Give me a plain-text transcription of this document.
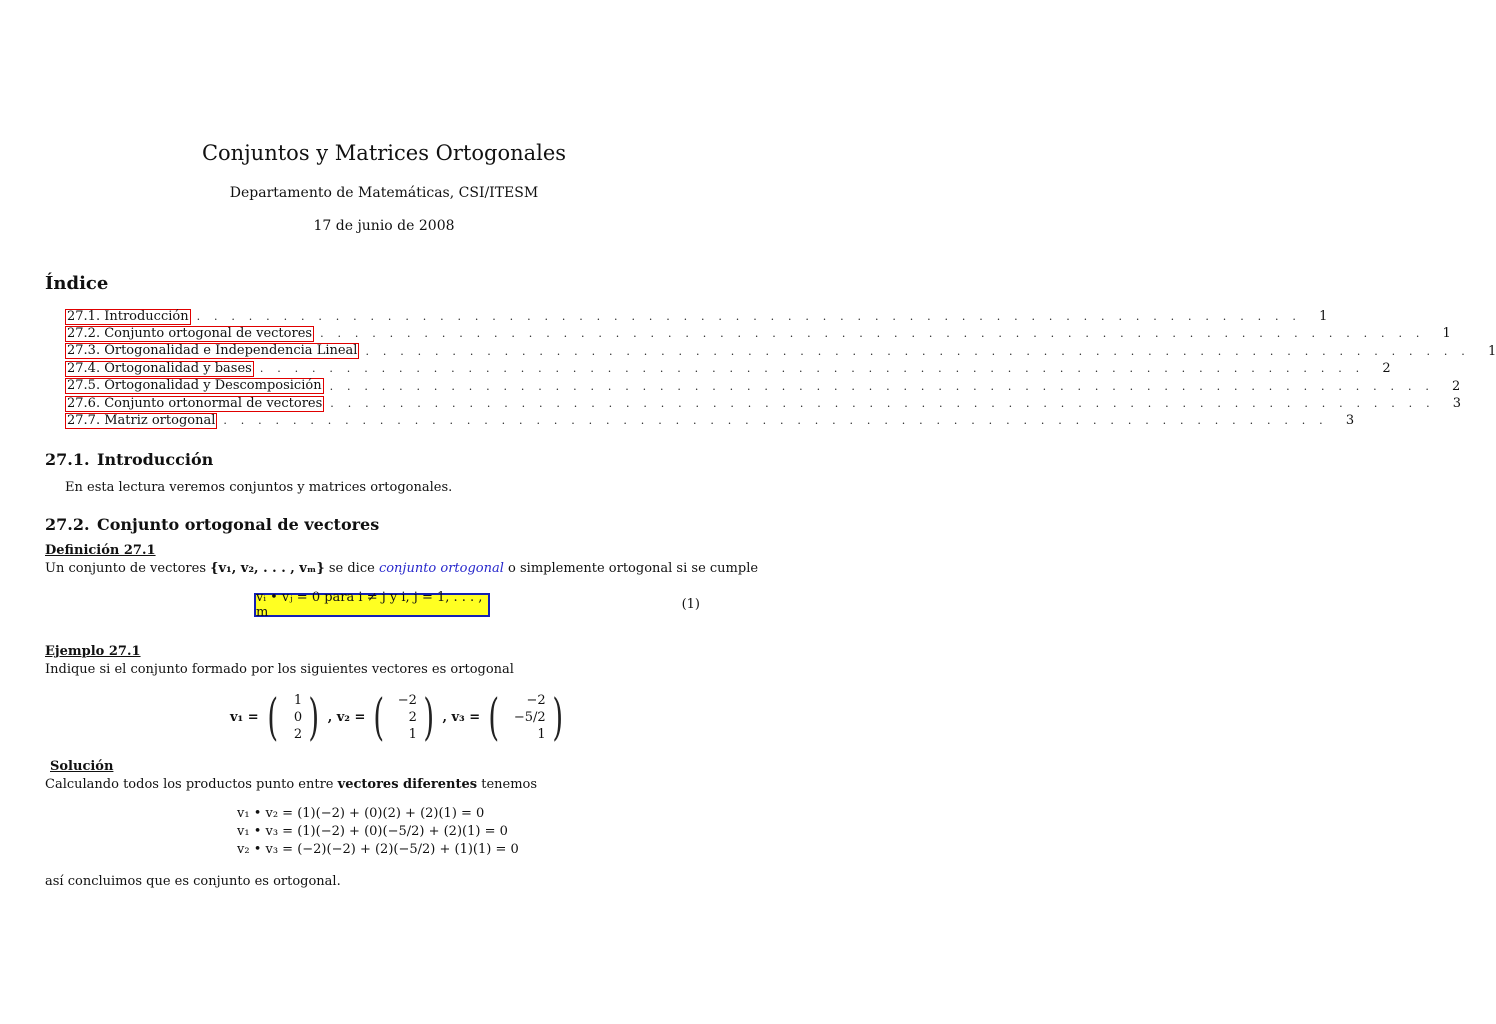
Conjuntos y Matrices Ortogonales
Departamento de Matemáticas, CSI/ITESM
17 de junio de 2008
Índice
27.1. Introducción . . . . . . . . . . . . . . . . . . . . . . . . . . . . . . . . . . . . . . . . . . . . . . . . . . . . . . . . . . . . . . . . 1
27.2. Conjunto ortogonal de vectores . . . . . . . . . . . . . . . . . . . . . . . . . . . . . . . . . . . . . . . . . . . . . . . . . . . . . . . . . . . . . . . . 1
27.3. Ortogonalidad e Independencia Lineal . . . . . . . . . . . . . . . . . . . . . . . . . . . . . . . . . . . . . . . . . . . . . . . . . . . . . . . . . . . . . . . . 1
27.4. Ortogonalidad y bases . . . . . . . . . . . . . . . . . . . . . . . . . . . . . . . . . . . . . . . . . . . . . . . . . . . . . . . . . . . . . . . . 2
27.5. Ortogonalidad y Descomposición . . . . . . . . . . . . . . . . . . . . . . . . . . . . . . . . . . . . . . . . . . . . . . . . . . . . . . . . . . . . . . . . 2
27.6. Conjunto ortonormal de vectores . . . . . . . . . . . . . . . . . . . . . . . . . . . . . . . . . . . . . . . . . . . . . . . . . . . . . . . . . . . . . . . . 3
27.7. Matriz ortogonal . . . . . . . . . . . . . . . . . . . . . . . . . . . . . . . . . . . . . . . . . . . . . . . . . . . . . . . . . . . . . . . . 3
27.1. Introducción
En esta lectura veremos conjuntos y matrices ortogonales.
27.2. Conjunto ortogonal de vectores
Definición 27.1
Un conjunto de vectores {v₁, v₂, . . . , vₘ} se dice conjunto ortogonal o simplemente ortogonal si se cumple
vᵢ • vⱼ = 0 para i ≠ j y i, j = 1, . . . , m
(1)
Ejemplo 27.1
Indique si el conjunto formado por los siguientes vectores es ortogonal
v₁ = ( 1
0
2 ) , v₂ = ( −2
2
1 ) , v₃ = ( −2
−5/2
1 )
Solución
Calculando todos los productos punto entre vectores diferentes tenemos
v₁ • v₂ = (1)(−2) + (0)(2) + (2)(1) = 0
v₁ • v₃ = (1)(−2) + (0)(−5/2) + (2)(1) = 0
v₂ • v₃ = (−2)(−2) + (2)(−5/2) + (1)(1) = 0
así concluimos que es conjunto es ortogonal.
